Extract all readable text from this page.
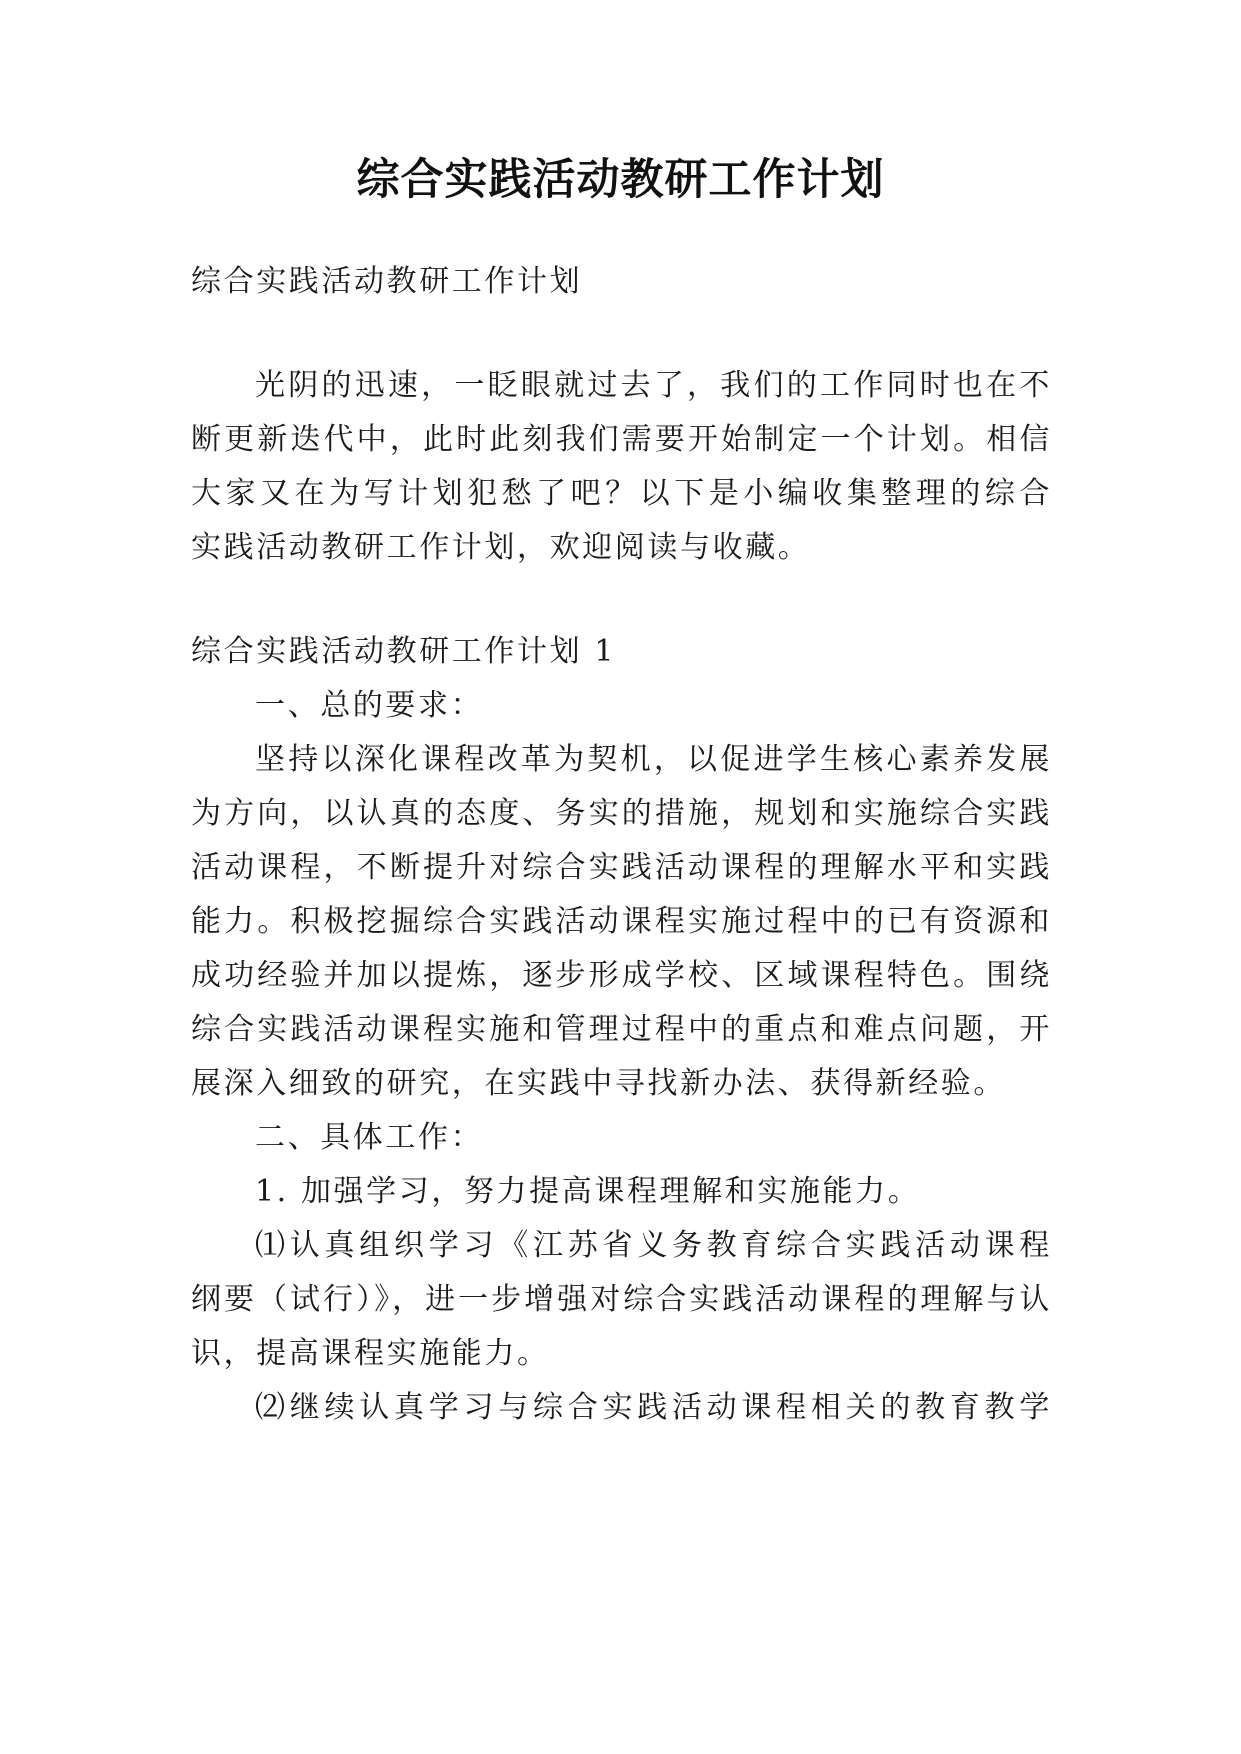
综合实践活动教研工作计划
综合实践活动教研工作计划
光阴的迅速，一眨眼就过去了，我们的工作同时也在不
断更新迭代中，此时此刻我们需要开始制定一个计划。相信
大家又在为写计划犯愁了吧？以下是小编收集整理的综合
实践活动教研工作计划，欢迎阅读与收藏。
综合实践活动教研工作计划 1
一、总的要求：
坚持以深化课程改革为契机，以促进学生核心素养发展
为方向，以认真的态度、务实的措施，规划和实施综合实践
活动课程，不断提升对综合实践活动课程的理解水平和实践
能力。积极挖掘综合实践活动课程实施过程中的已有资源和
成功经验并加以提炼，逐步形成学校、区域课程特色。围绕
综合实践活动课程实施和管理过程中的重点和难点问题，开
展深入细致的研究，在实践中寻找新办法、获得新经验。
二、具体工作：
1. 加强学习，努力提高课程理解和实施能力。
⑴认真组织学习《江苏省义务教育综合实践活动课程
纲要（试行）》，进一步增强对综合实践活动课程的理解与认
识，提高课程实施能力。
⑵继续认真学习与综合实践活动课程相关的教育教学
